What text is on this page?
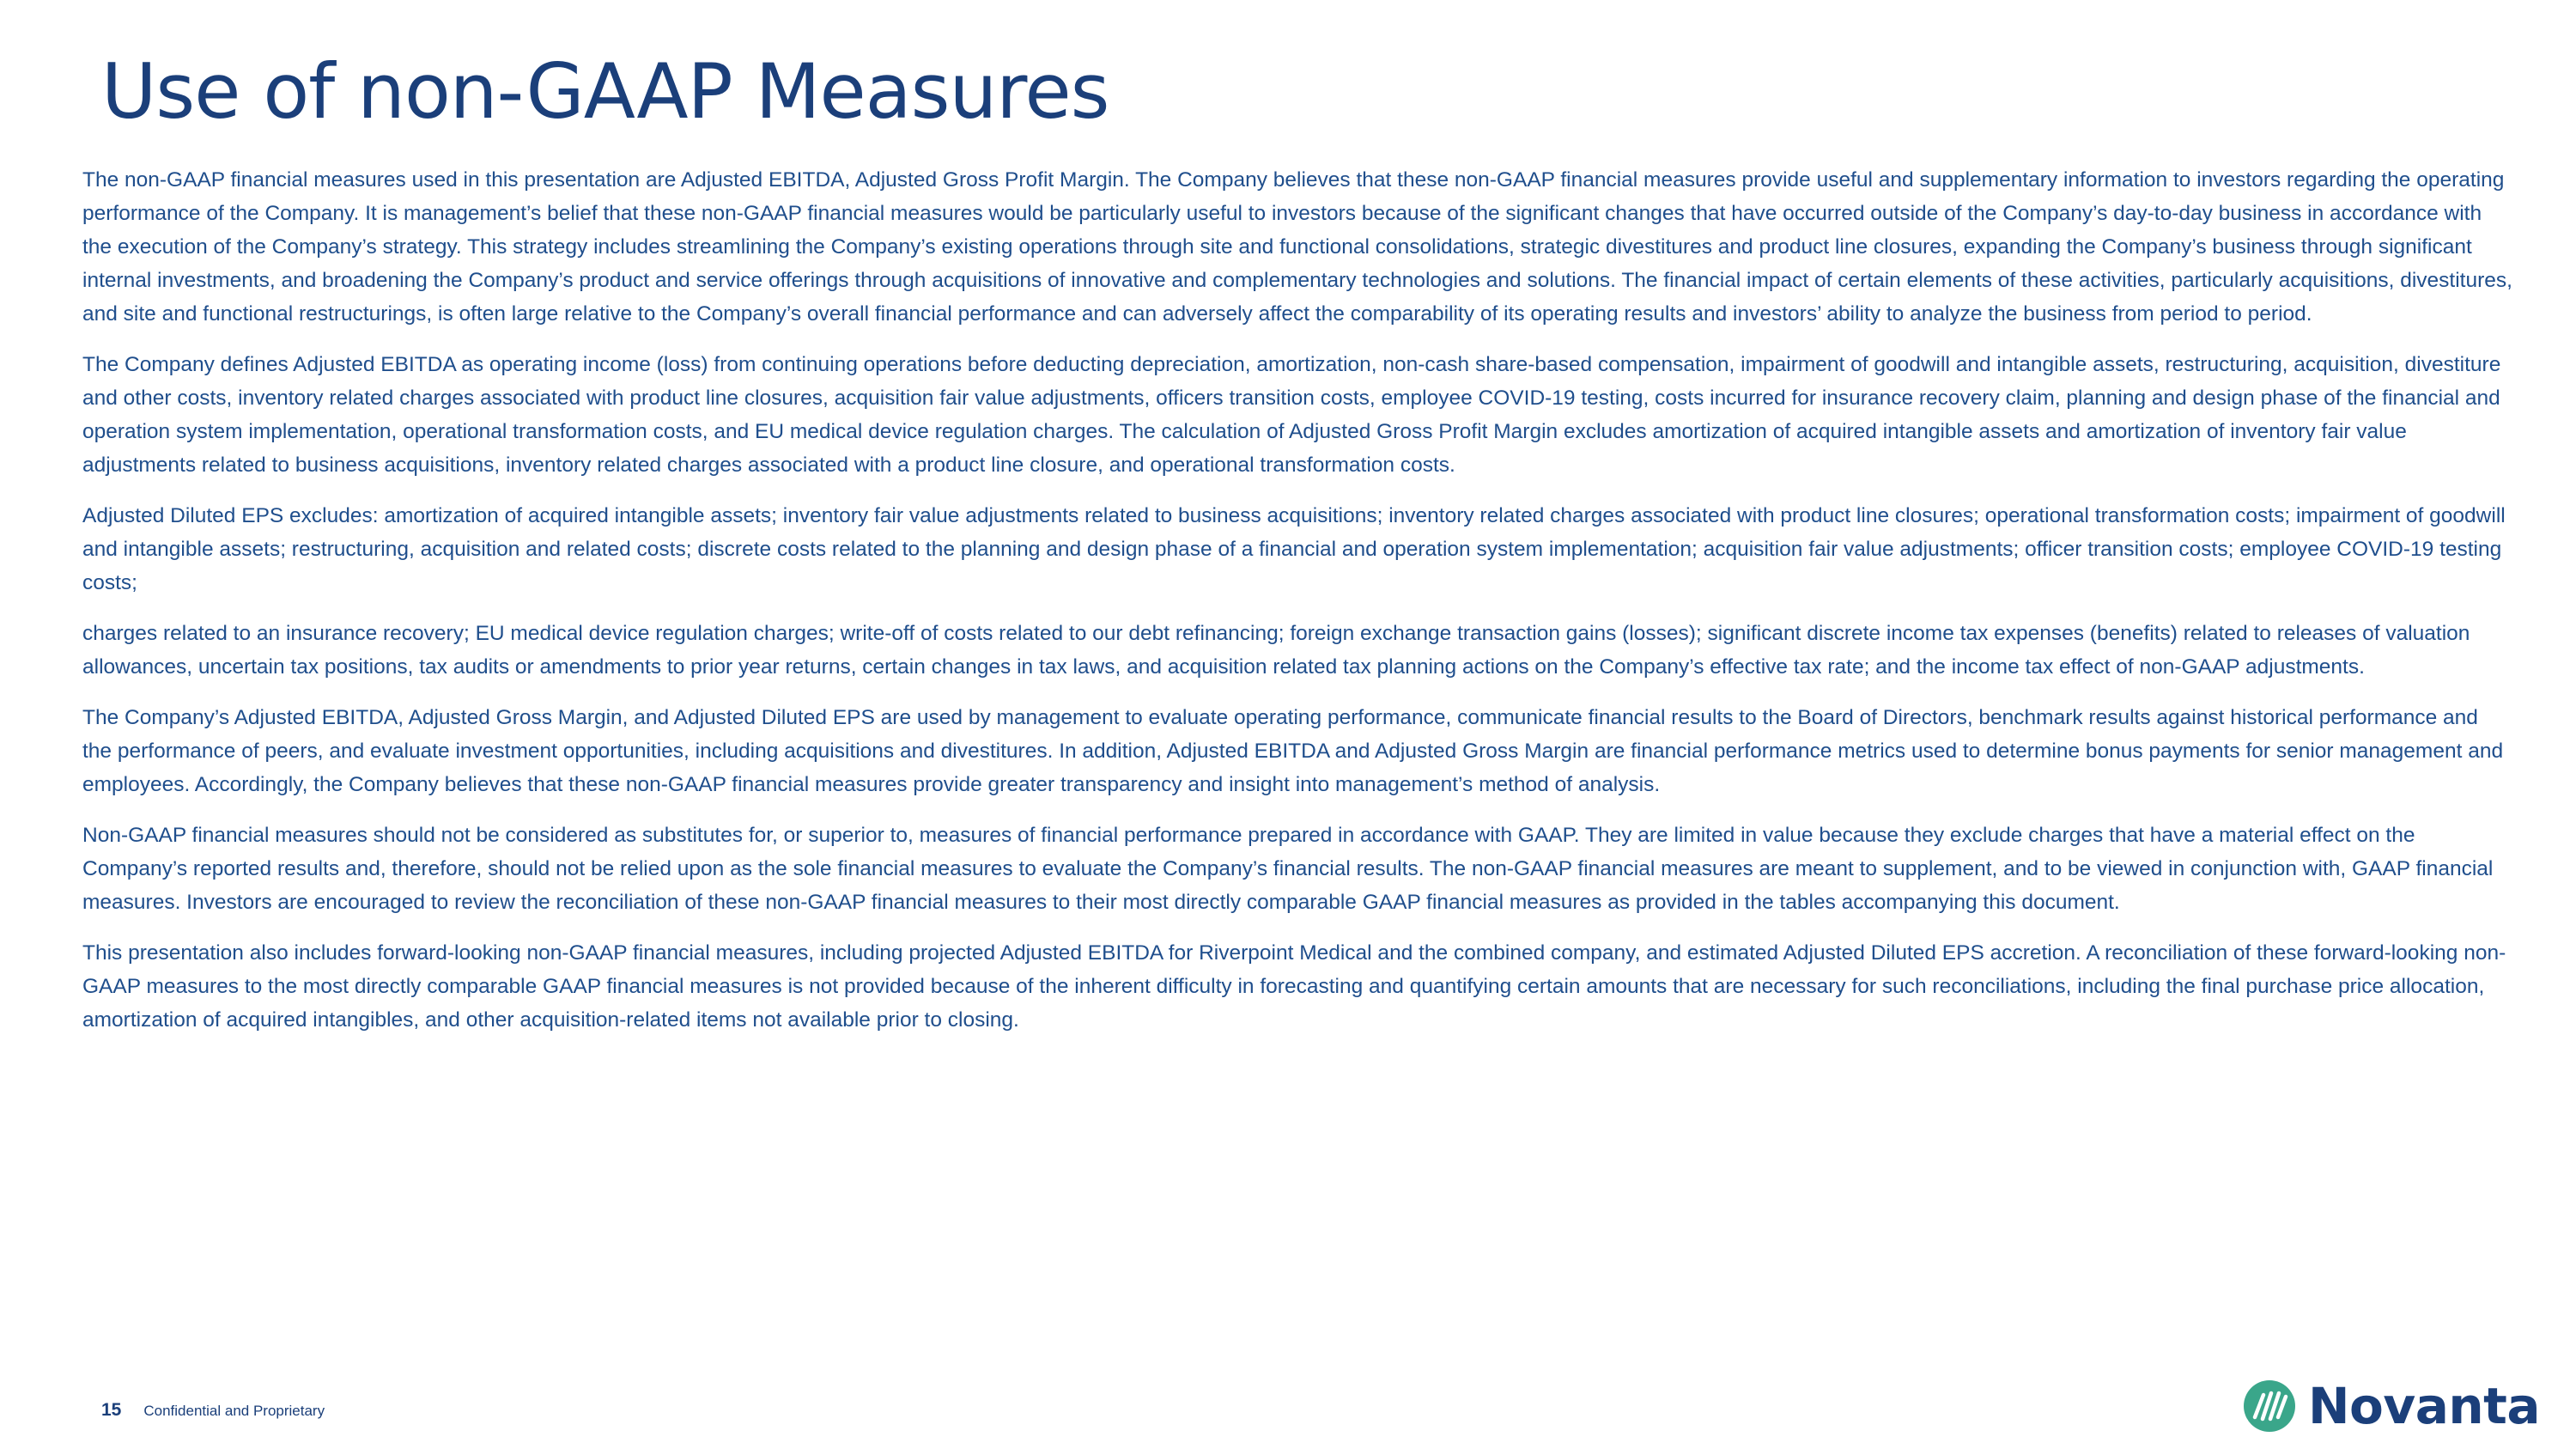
Use of non-GAAP Measures

The non-GAAP financial measures used in this presentation are Adjusted EBITDA, Adjusted Gross Profit Margin. The Company believes that these non-GAAP financial measures provide useful and supplementary information to investors regarding the operating performance of the Company. It is management’s belief that these non-GAAP financial measures would be particularly useful to investors because of the significant changes that have occurred outside of the Company’s day-to-day business in accordance with the execution of the Company’s strategy. This strategy includes streamlining the Company’s existing operations through site and functional consolidations, strategic divestitures and product line closures, expanding the Company’s business through significant internal investments, and broadening the Company’s product and service offerings through acquisitions of innovative and complementary technologies and solutions. The financial impact of certain elements of these activities, particularly acquisitions, divestitures, and site and functional restructurings, is often large relative to the Company’s overall financial performance and can adversely affect the comparability of its operating results and investors’ ability to analyze the business from period to period.

The Company defines Adjusted EBITDA as operating income (loss) from continuing operations before deducting depreciation, amortization, non-cash share-based compensation, impairment of goodwill and intangible assets, restructuring, acquisition, divestiture and other costs, inventory related charges associated with product line closures, acquisition fair value adjustments, officers transition costs, employee COVID-19 testing, costs incurred for insurance recovery claim, planning and design phase of the financial and operation system implementation, operational transformation costs, and EU medical device regulation charges. The calculation of Adjusted Gross Profit Margin excludes amortization of acquired intangible assets and amortization of inventory fair value adjustments related to business acquisitions, inventory related charges associated with a product line closure, and operational transformation costs.

Adjusted Diluted EPS excludes: amortization of acquired intangible assets; inventory fair value adjustments related to business acquisitions; inventory related charges associated with product line closures; operational transformation costs; impairment of goodwill and intangible assets; restructuring, acquisition and related costs; discrete costs related to the planning and design phase of a financial and operation system implementation; acquisition fair value adjustments; officer transition costs; employee COVID-19 testing costs;

charges related to an insurance recovery; EU medical device regulation charges; write-off of costs related to our debt refinancing; foreign exchange transaction gains (losses); significant discrete income tax expenses (benefits) related to releases of valuation allowances, uncertain tax positions, tax audits or amendments to prior year returns, certain changes in tax laws, and acquisition related tax planning actions on the Company’s effective tax rate; and the income tax effect of non-GAAP adjustments.

The Company’s Adjusted EBITDA, Adjusted Gross Margin, and Adjusted Diluted EPS are used by management to evaluate operating performance, communicate financial results to the Board of Directors, benchmark results against historical performance and the performance of peers, and evaluate investment opportunities, including acquisitions and divestitures. In addition, Adjusted EBITDA and Adjusted Gross Margin are financial performance metrics used to determine bonus payments for senior management and employees. Accordingly, the Company believes that these non-GAAP financial measures provide greater transparency and insight into management’s method of analysis.

Non-GAAP financial measures should not be considered as substitutes for, or superior to, measures of financial performance prepared in accordance with GAAP. They are limited in value because they exclude charges that have a material effect on the Company’s reported results and, therefore, should not be relied upon as the sole financial measures to evaluate the Company’s financial results. The non-GAAP financial measures are meant to supplement, and to be viewed in conjunction with, GAAP financial measures. Investors are encouraged to review the reconciliation of these non-GAAP financial measures to their most directly comparable GAAP financial measures as provided in the tables accompanying this document.

This presentation also includes forward-looking non-GAAP financial measures, including projected Adjusted EBITDA for Riverpoint Medical and the combined company, and estimated Adjusted Diluted EPS accretion. A reconciliation of these forward-looking non-GAAP measures to the most directly comparable GAAP financial measures is not provided because of the inherent difficulty in forecasting and quantifying certain amounts that are necessary for such reconciliations, including the final purchase price allocation, amortization of acquired intangibles, and other acquisition-related items not available prior to closing.

15 Confidential and Proprietary	Novanta
